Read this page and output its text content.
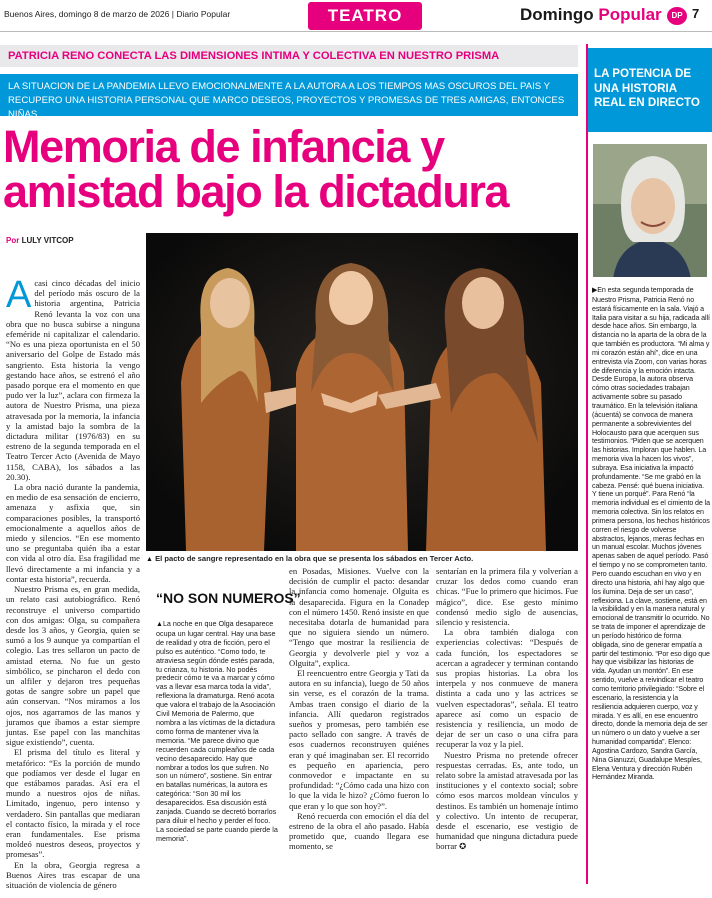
Buenos Aires, domingo 8 de marzo de 2026 | Diario Popular	TEATRO	Domingo Popular	DP 7
PATRICIA RENO CONECTA LAS DIMENSIONES INTIMA Y COLECTIVA EN NUESTRO PRISMA
LA SITUACION DE LA PANDEMIA LLEVO EMOCIONALMENTE A LA AUTORA A LOS TIEMPOS MAS OSCUROS DEL PAIS Y RECUPERO UNA HISTORIA PERSONAL QUE MARCO DESEOS, PROYECTOS Y PROMESAS DE TRES AMIGAS, ENTONCES NIÑAS.
Memoria de infancia y amistad bajo la dictadura
Por LULY VITCOP
▲ El pacto de sangre representado en la obra que se presenta los sábados en Tercer Acto.

Acasi cinco décadas del inicio del período más oscuro de la historia argentina, Patricia Renó levanta la voz con una obra que no busca subirse a ninguna efeméride ni capitalizar el calendario. “No es una pieza oportunista en el 50 aniversario del Golpe de Estado más sangriento. Esta historia la vengo gestando hace años, se estrenó el año pasado porque era el momento en que pudo ver la luz”, aclara con firmeza la autora de Nuestro Prisma, una pieza atravesada por la memoria, la infancia y la amistad bajo la sombra de la dictadura militar (1976/83) en su estreno de la segunda temporada en el Teatro Tercer Acto (Avenida de Mayo 1158, CABA), los sábados a las 20.30).

La obra nació durante la pandemia, en medio de esa sensación de encierro, amenaza y asfixia que, sin comparaciones posibles, la transportó emocionalmente a aquellos años de miedo y silencios. “En ese momento uno se preguntaba quién iba a estar con vida al otro día. Esa fragilidad me llevó directamente a mi infancia y a contar esta historia”, recuerda.

Nuestro Prisma es, en gran medida, un relato casi autobiográfico. Renó reconstruye el universo compartido con dos amigas: Olga, su compañera desde los 3 años, y Georgia, quien se sumó a los 9 aunque ya compartían el colegio. Las tres sellaron un pacto de amistad eterna. No fue un gesto simbólico, se pincharon el dedo con un alfiler y dejaron tres pequeñas gotas de sangre sobre un papel que aún conservan. “Nos miramos a los ojos, nos agarramos de las manos y juramos que íbamos a estar siempre juntas. Ese papel con las manchitas sigue existiendo”, cuenta.

El prisma del título es literal y metafórico: “Es la porción de mundo que podíamos ver desde el lugar en que estábamos paradas. Así era el mundo a nuestros ojos de niñas. Limitado, ingenuo, pero intenso y verdadero. Sin pantallas que mediaran el contacto físico, la mirada y el roce eran fundamentales. Ese prisma moldeó nuestros deseos, proyectos y promesas”.

En la obra, Georgia regresa a Buenos Aires tras escapar de una situación de violencia de género

“NO SON NUMEROS”
▲La noche en que Olga desaparece ocupa un lugar central. Hay una base de realidad y otra de ficción, pero el pulso es auténtico. “Como todo, te atraviesa según dónde estés parada, tu crianza, tu historia. No podés predecir cómo te va a marcar y cómo vas a llevar esa marca toda la vida”, reflexiona la dramaturga. Renó acota que valora el trabajo de la Asociación Civil Memoria de Palermo, que nombra a las víctimas de la dictadura como forma de mantener viva la memoria. “Me parece divino que recuerden cada cumpleaños de cada vecino desaparecido. Hay que nombrar a todos los que sufren. No son un número”, sostiene. Sin entrar en batallas numéricas, la autora es categórica: “Son 30 mil los desaparecidos. Esa discusión está zanjada. Cuando se decretó borrarlos para diluir el hecho y perder el foco. La sociedad se parte cuando pierde la memoria”.

en Posadas, Misiones. Vuelve con la decisión de cumplir el pacto: desandar la infancia como homenaje. Olguita es la desaparecida. Figura en la Conadep con el número 1450. Renó insiste en que necesitaba dotarla de humanidad para que no siguiera siendo un número. “Tengo que mostrar la resiliencia de Georgia y devolverle piel y voz a Olguita”, explica.

El reencuentro entre Georgia y Tati da autora en su infancia), luego de 50 años sin verse, es el corazón de la trama. Ambas traen consigo el diario de la infancia. Allí quedaron registrados sueños y promesas, pero también ese pacto sellado con sangre. A través de esos cuadernos reconstruyen quiénes eran y qué imaginaban ser. El recorrido es pequeño en apariencia, pero conmovedor e impactante en su profundidad: “¿Cómo cada una hizo con lo que la vida le hizo? ¿Cómo fueron lo que eran y lo que son hoy?”.

Renó recuerda con emoción el día del estreno de la obra el año pasado. Había prometido que, cuando llegara ese momento, se

sentarían en la primera fila y volverían a cruzar los dedos como cuando eran chicas. “Fue lo primero que hicimos. Fue mágico”, dice. Ese gesto mínimo condensó medio siglo de ausencias, silencio y resistencia.

La obra también dialoga con experiencias colectivas: “Después de cada función, los espectadores se acercan a agradecer y terminan contando sus propias historias. La obra los interpela y nos conmueve de manera distinta a cada uno y las actrices se vuelven espectadoras”, señala. El teatro aparece así como un espacio de resistencia y resiliencia, un modo de dejar de ser un caso o una cifra para recuperar la voz y la piel.

Nuestro Prisma no pretende ofrecer respuestas cerradas. Es, ante todo, un relato sobre la amistad atravesada por las instituciones y el contexto social; sobre cómo esos marcos moldean vínculos y destinos. Es también un homenaje íntimo y colectivo. Un intento de recuperar, desde el escenario, ese vestigio de humanidad que ninguna dictadura puede borrar ✪

LA POTENCIA DE UNA HISTORIA REAL EN DIRECTO
▶En esta segunda temporada de Nuestro Prisma, Patricia Renó no estará físicamente en la sala. Viajó a Italia para visitar a su hija, radicada allí desde hace años. Sin embargo, la distancia no la aparta de la obra de la que también es productora. “Mi alma y mi corazón están ahí”, dice en una entrevista vía Zoom, con varias horas de diferencia y la emoción intacta. Desde Europa, la autora observa cómo otras sociedades trabajan activamente sobre su pasado traumático. En la televisión italiana (ácuentá) se convoca de manera permanente a sobrevivientes del Holocausto para que acerquen sus testimonios. “Piden que se acerquen las historias. Imploran que hablen. La memoria viva la hacen los vivos”, subraya. Esa iniciativa la impactó profundamente. “Se me grabó en la cabeza. Pensé: qué buena iniciativa. Y tiene un porqué”. Para Renó “la memoria individual es el cimiento de la memoria colectiva. Sin los relatos en primera persona, los hechos históricos corren el riesgo de volverse abstractos, lejanos, meras fechas en un manual escolar. Muchos jóvenes apenas saben de aquel período. Pasó el tiempo y no se comprometen tanto. Pero cuando escuchan en vivo y en directo una historia, ahí hay algo que los ilumina. Deja de ser un caso”, reflexiona. La clave, sostiene, está en la visibilidad y en la manera natural y emocional de transmitir lo ocurrido. No se trata de imponer el aprendizaje de un período histórico de forma obligada, sino de generar empatía a partir del testimonio. “Por eso digo que hay que visibilizar las historias de vida. Ayudan un montón”. En ese sentido, vuelve a reivindicar el teatro como territorio privilegiado: “Sobre el escenario, la resistencia y la resiliencia adquieren cuerpo, voz y mirada. Y es allí, en ese encuentro directo, donde la memoria deja de ser un número o un dato y vuelve a ser humanidad compartida”. Elenco: Agostina Cardozo, Sandra García, Nina Gianuzzi, Guadalupe Mesples, Elena Ventura y dirección Rubén Hernández Miranda.
